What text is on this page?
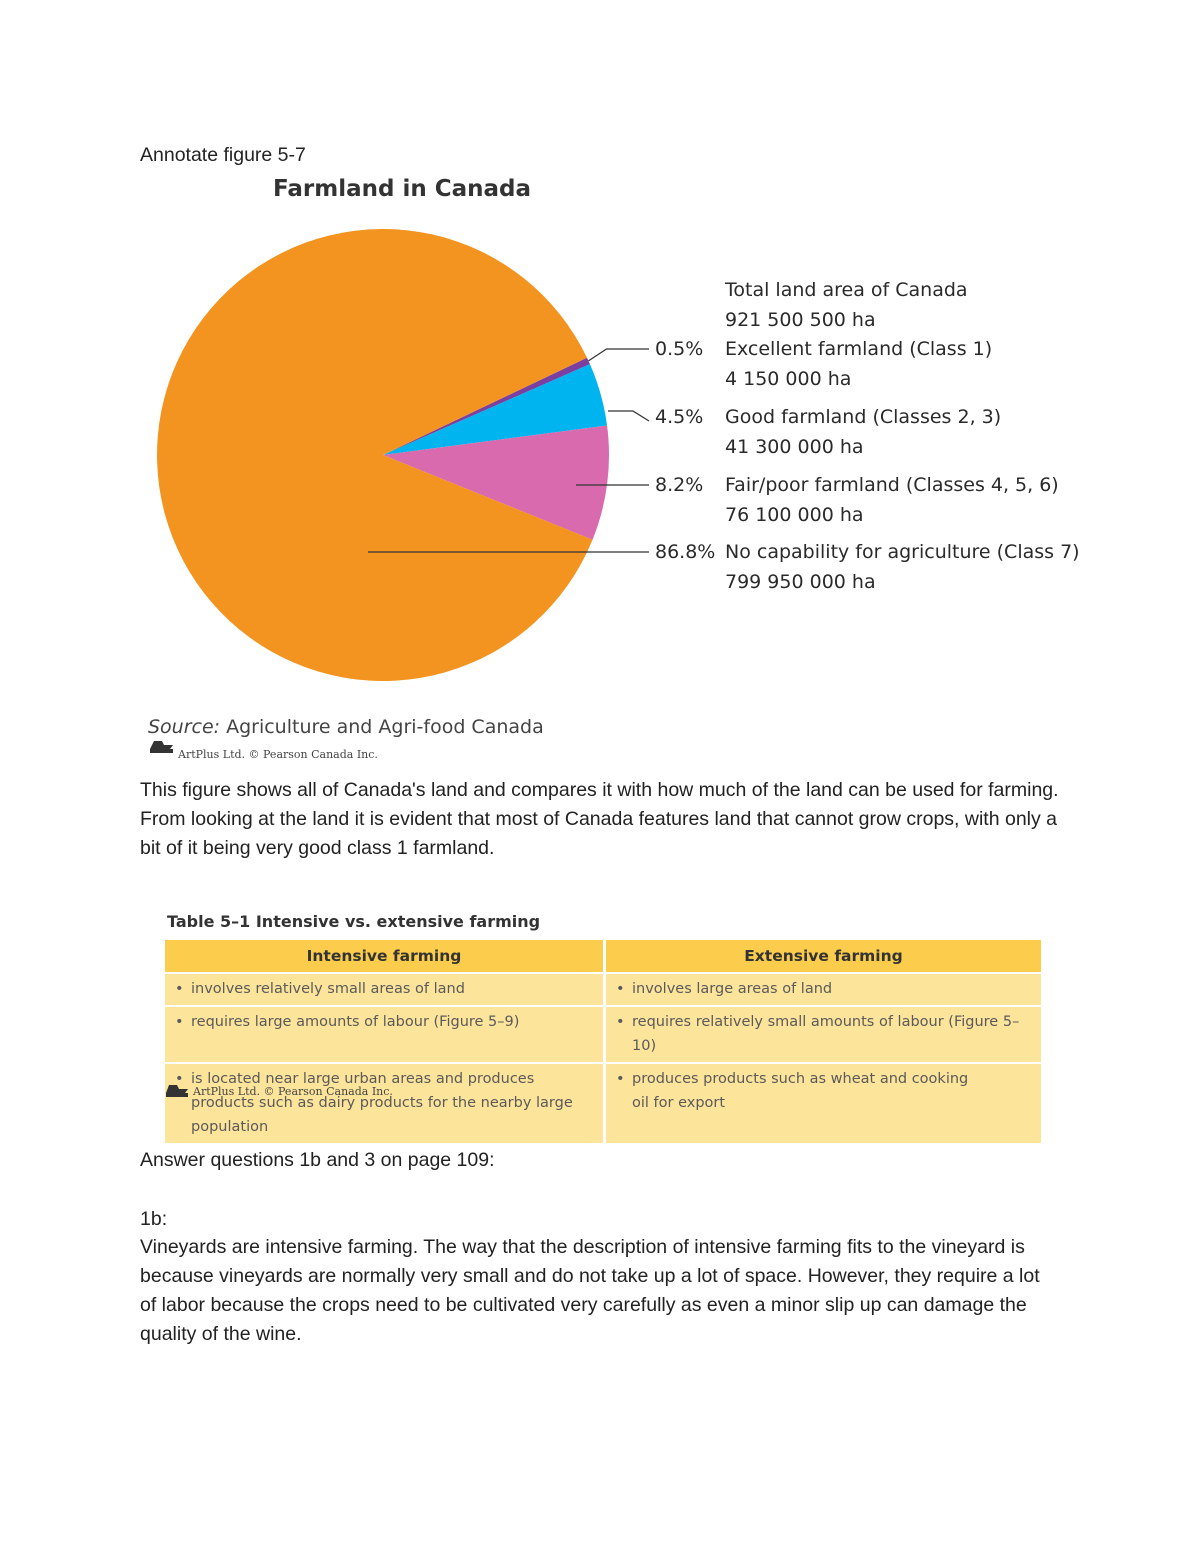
Annotate figure 5-7
Farmland in Canada
Total land area of Canada
921 500 500 ha
0.5% Excellent farmland (Class 1)
4 150 000 ha
4.5% Good farmland (Classes 2, 3)
41 300 000 ha
8.2% Fair/poor farmland (Classes 4, 5, 6)
76 100 000 ha
86.8% No capability for agriculture (Class 7)
799 950 000 ha
Source: Agriculture and Agri-food Canada
ArtPlus Ltd. © Pearson Canada Inc.
This figure shows all of Canada's land and compares it with how much of the land can be used for farming. From looking at the land it is evident that most of Canada features land that cannot grow crops, with only a bit of it being very good class 1 farmland.
Table 5–1 Intensive vs. extensive farming
Intensive farming	Extensive farming

• involves relatively small areas of land	• involves large areas of land

• requires large amounts of labour (Figure 5–9)	• requires relatively small amounts of labour (Figure 5–10)

• is located near large urban areas and produces products such as dairy products for the nearby large population	• produces products such as wheat and cooking oil for export
ArtPlus Ltd. © Pearson Canada Inc.
Answer questions 1b and 3 on page 109:
1b:
Vineyards are intensive farming. The way that the description of intensive farming fits to the vineyard is because vineyards are normally very small and do not take up a lot of space. However, they require a lot of labor because the crops need to be cultivated very carefully as even a minor slip up can damage the quality of the wine.
